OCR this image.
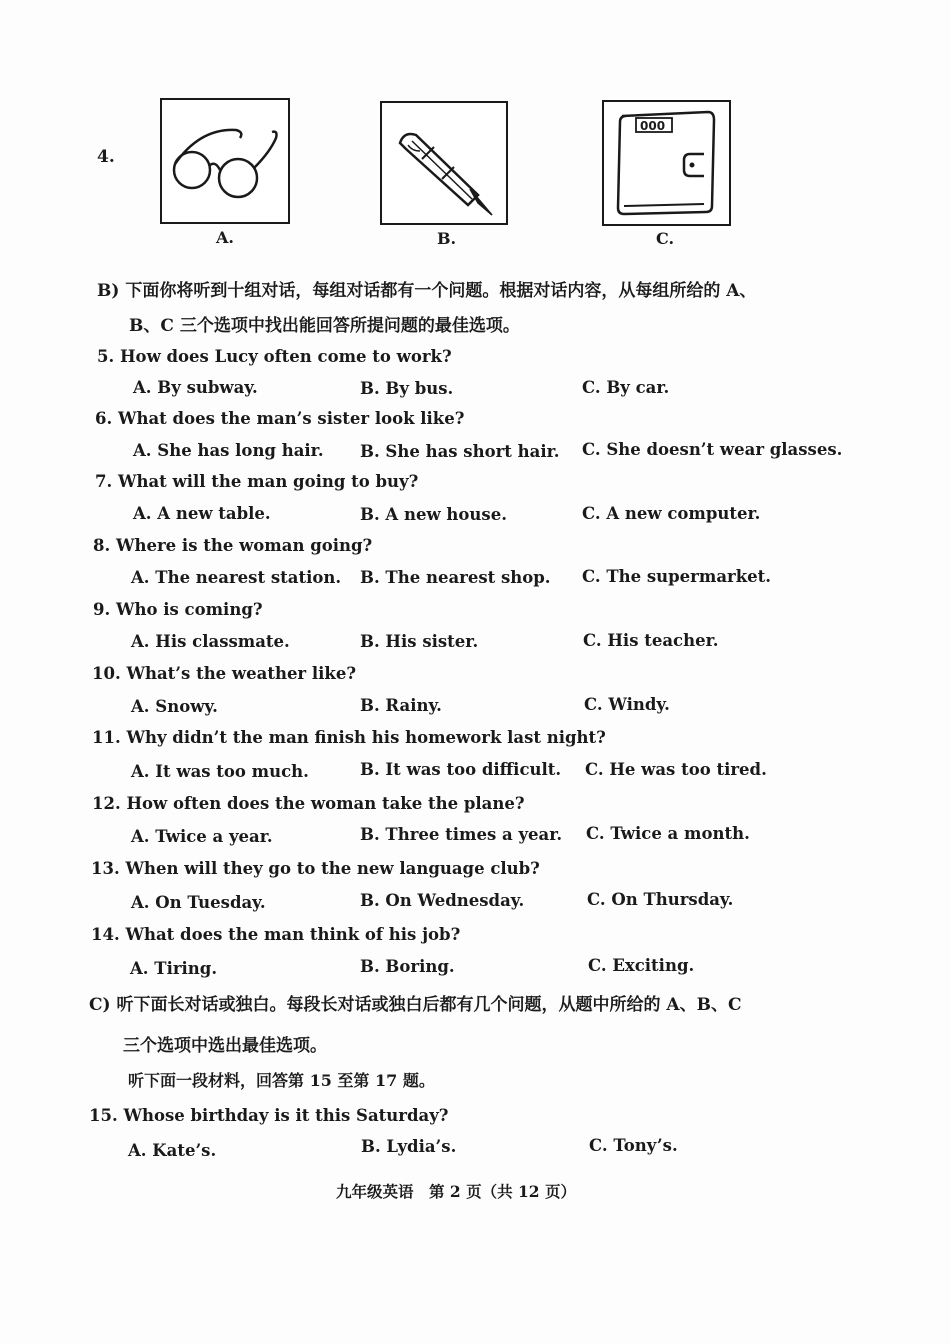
4.
A.	B.
000
C.
B) 下面你将听到十组对话，每组对话都有一个问题。根据对话内容，从每组所给的 A、
B、C 三个选项中找出能回答所提问题的最佳选项。
5. How does Lucy often come to work?
A. By subway.	B. By bus.	C. By car.
6. What does the man’s sister look like?
A. She has long hair. B. She has short hair. C. She doesn’t wear glasses.
7. What will the man going to buy?
A. A new table.	B. A new house.	C. A new computer.
8. Where is the woman going?
A. The nearest station. B. The nearest shop. C. The supermarket.
9. Who is coming?
A. His classmate.	B. His sister.	C. His teacher.
10. What’s the weather like?
A. Snowy.	B. Rainy.	C. Windy.
11. Why didn’t the man finish his homework last night?
A. It was too much.	B. It was too difficult. C. He was too tired.
12. How often does the woman take the plane?
A. Twice a year.	B. Three times a year. C. Twice a month.
13. When will they go to the new language club?
A. On Tuesday.	B. On Wednesday.	C. On Thursday.
14. What does the man think of his job?
A. Tiring.	B. Boring.	C. Exciting.
C) 听下面长对话或独白。每段长对话或独白后都有几个问题，从题中所给的 A、B、C
三个选项中选出最佳选项。
听下面一段材料，回答第 15 至第 17 题。
15. Whose birthday is it this Saturday?
A. Kate’s.	B. Lydia’s.	C. Tony’s.
九年级英语　第 2 页（共 12 页）
